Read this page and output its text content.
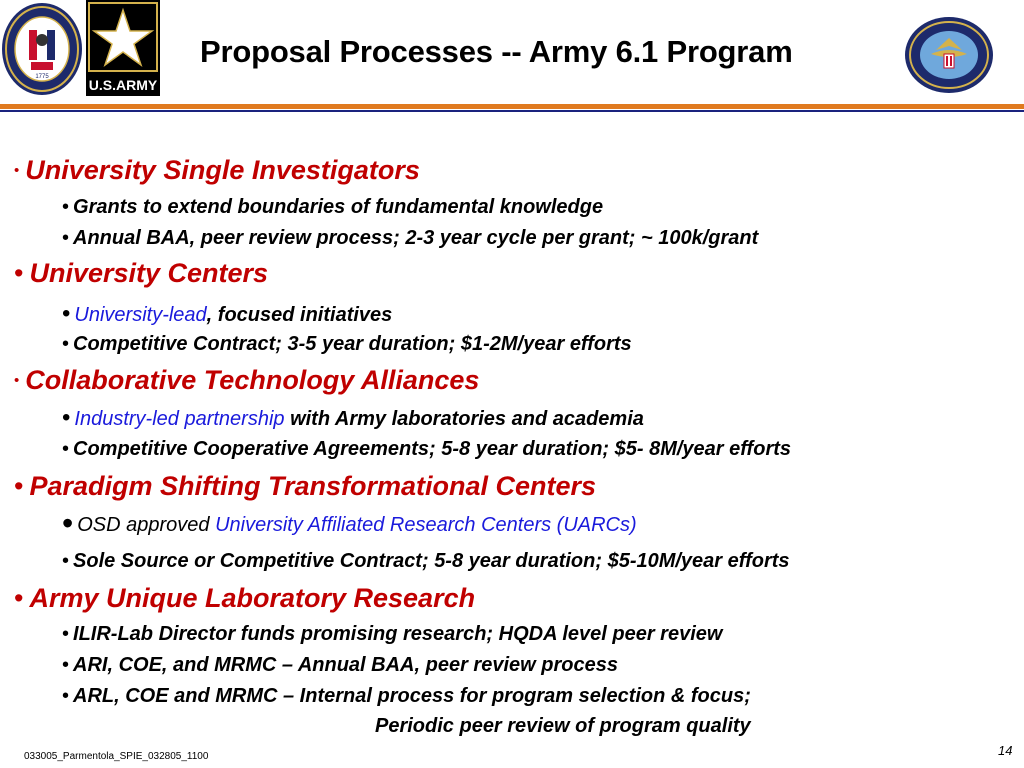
1775	U.S.ARMY
Proposal Processes -- Army 6.1 Program
• University Single Investigators
• Grants to extend boundaries of fundamental knowledge
• Annual BAA, peer review process; 2-3 year cycle per grant; ~ 100k/grant
• University Centers
• University-lead, focused initiatives
• Competitive Contract; 3-5 year duration; $1-2M/year efforts
• Collaborative Technology Alliances
• Industry-led partnership with Army laboratories and academia
• Competitive Cooperative Agreements; 5-8 year duration; $5- 8M/year efforts
• Paradigm Shifting Transformational Centers
• OSD approved University Affiliated Research Centers (UARCs)
• Sole Source or Competitive Contract; 5-8 year duration; $5-10M/year efforts
• Army Unique Laboratory Research
• ILIR-Lab Director funds promising research; HQDA level peer review
• ARI, COE, and MRMC – Annual BAA, peer review process
• ARL, COE and MRMC – Internal process for program selection & focus;
Periodic peer review of program quality
033005_Parmentola_SPIE_032805_1100	14
